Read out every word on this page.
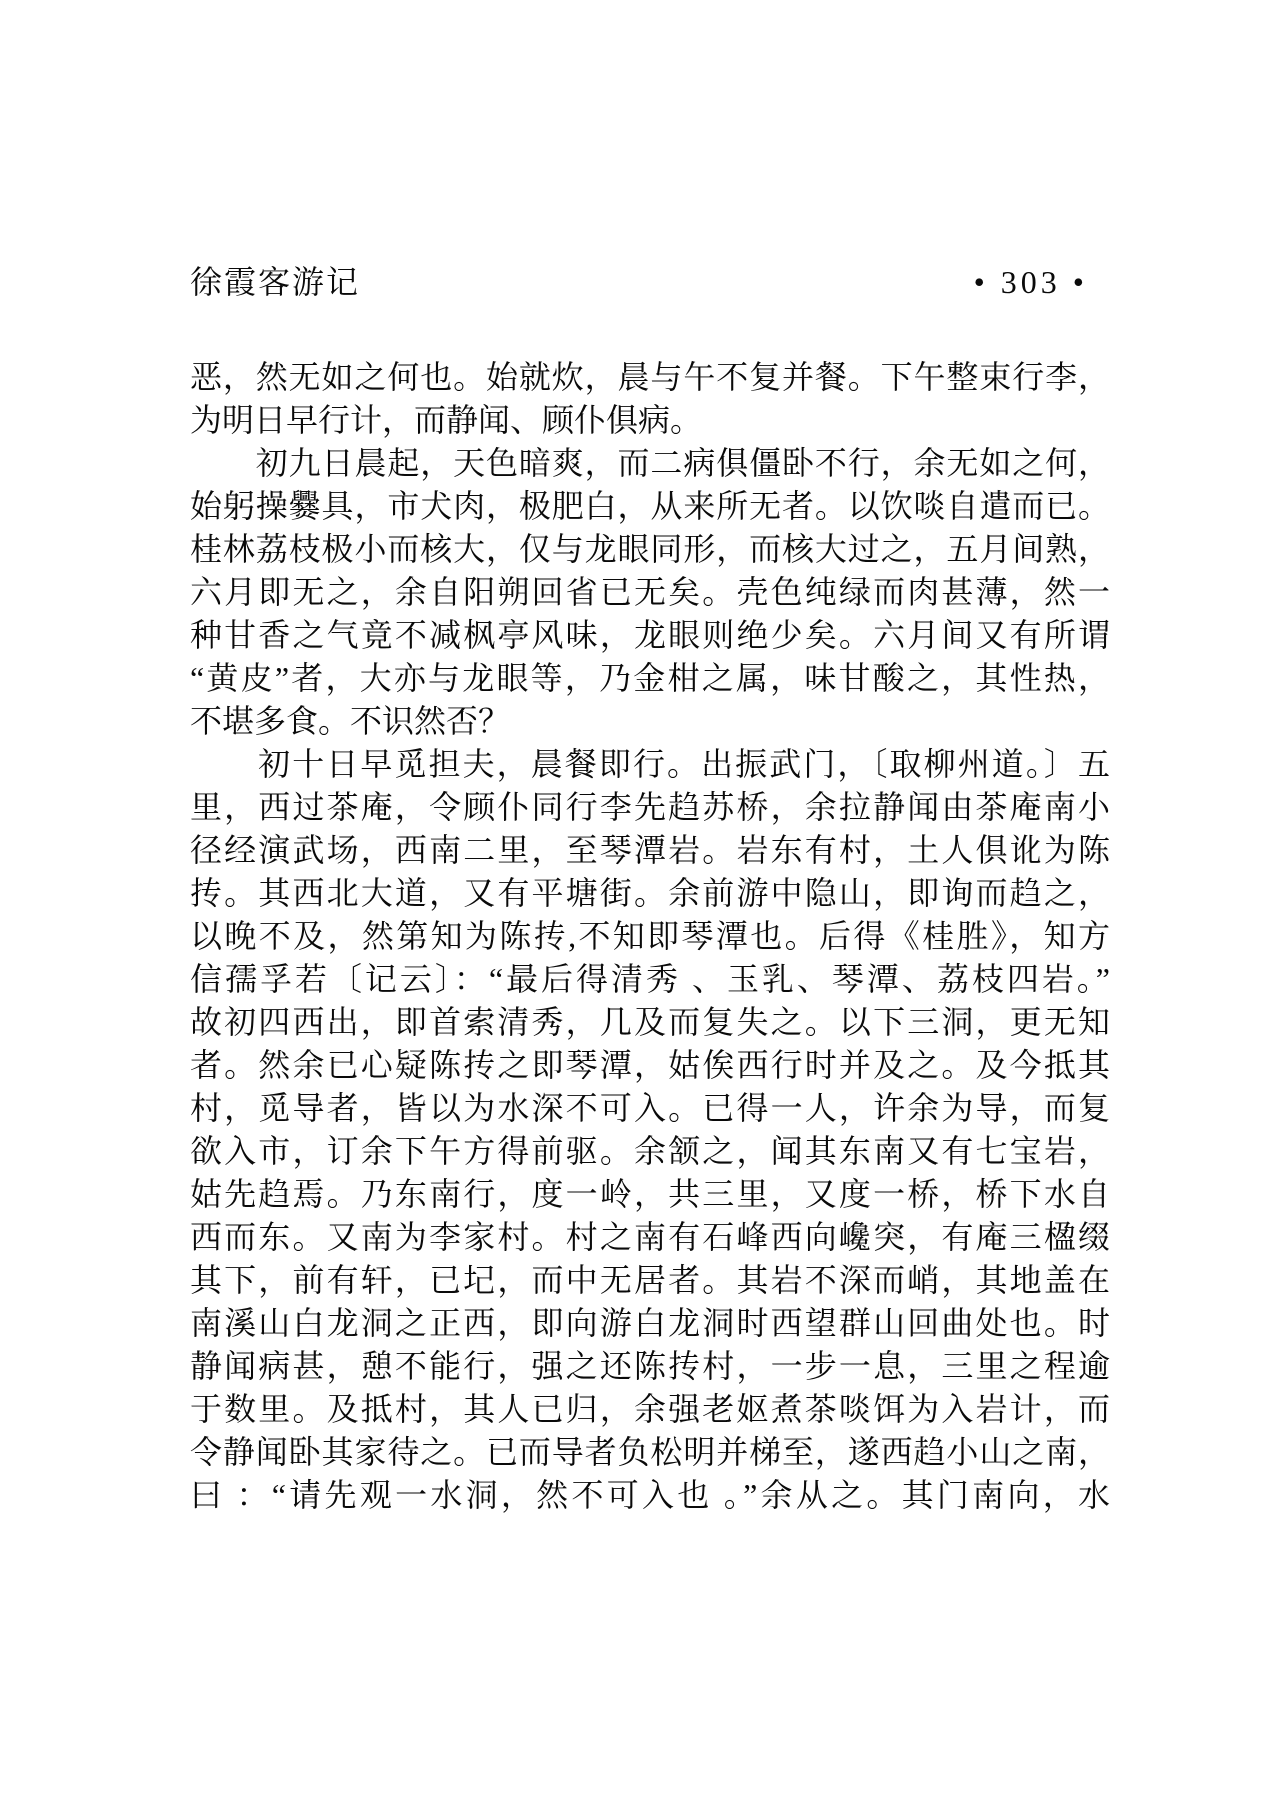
徐霞客游记	• 303 •
恶，然无如之何也。始就炊，晨与午不复并餐。下午整束行李，
为明日早行计，而静闻、顾仆俱病。
　　初九日晨起，天色暗爽，而二病俱僵卧不行，余无如之何，
始躬操爨具，市犬肉，极肥白，从来所无者。以饮啖自遣而已。
桂林荔枝极小而核大，仅与龙眼同形，而核大过之，五月间熟，
六月即无之，余自阳朔回省已无矣。壳色纯绿而肉甚薄，然一
种甘香之气竟不减枫亭风味，龙眼则绝少矣。六月间又有所谓
“黄皮”者，大亦与龙眼等，乃金柑之属，味甘酸之，其性热，
不堪多食。不识然否？
　　初十日早觅担夫，晨餐即行。出振武门，〔取柳州道。〕五
里，西过茶庵，令顾仆同行李先趋苏桥，余拉静闻由茶庵南小
径经演武场，西南二里，至琴潭岩。岩东有村，土人俱讹为陈
抟。其西北大道，又有平塘街。余前游中隐山，即询而趋之，
以晚不及，然第知为陈抟,不知即琴潭也。后得《桂胜》，知方
信孺孚若〔记云〕：“最后得清秀 、玉乳、琴潭、荔枝四岩。”
故初四西出，即首索清秀，几及而复失之。以下三洞，更无知
者。然余已心疑陈抟之即琴潭，姑俟西行时并及之。及今抵其
村，觅导者，皆以为水深不可入。已得一人，许余为导，而复
欲入市，订余下午方得前驱。余颔之，闻其东南又有七宝岩，
姑先趋焉。乃东南行，度一岭，共三里，又度一桥，桥下水自
西而东。又南为李家村。村之南有石峰西向巉突，有庵三楹缀
其下，前有轩，已圮，而中无居者。其岩不深而峭，其地盖在
南溪山白龙洞之正西，即向游白龙洞时西望群山回曲处也。时
静闻病甚，憩不能行，强之还陈抟村，一步一息，三里之程逾
于数里。及抵村，其人已归，余强老妪煮茶啖饵为入岩计，而
令静闻卧其家待之。已而导者负松明并梯至，遂西趋小山之南，
曰 ：“请先观一水洞，然不可入也 。”余从之。其门南向，水
